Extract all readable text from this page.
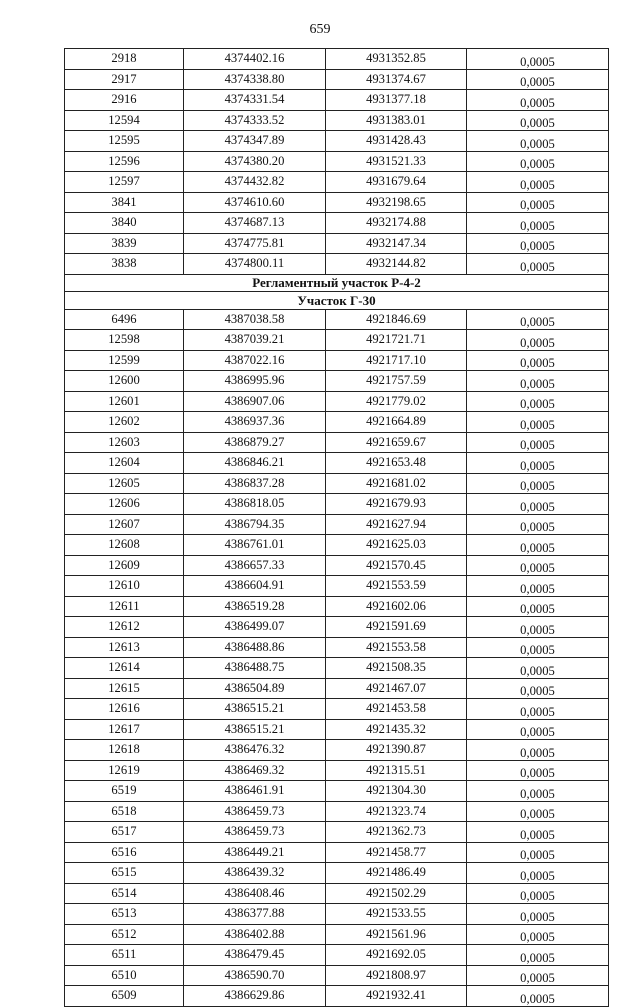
659
2918	4374402.16	4931352.85	0,0005
2917	4374338.80	4931374.67	0,0005
2916	4374331.54	4931377.18	0,0005
12594	4374333.52	4931383.01	0,0005
12595	4374347.89	4931428.43	0,0005
12596	4374380.20	4931521.33	0,0005
12597	4374432.82	4931679.64	0,0005
3841	4374610.60	4932198.65	0,0005
3840	4374687.13	4932174.88	0,0005
3839	4374775.81	4932147.34	0,0005
3838	4374800.11	4932144.82	0,0005
Регламентный участок Р-4-2			
Участок Г-30			
6496	4387038.58	4921846.69	0,0005
12598	4387039.21	4921721.71	0,0005
12599	4387022.16	4921717.10	0,0005
12600	4386995.96	4921757.59	0,0005
12601	4386907.06	4921779.02	0,0005
12602	4386937.36	4921664.89	0,0005
12603	4386879.27	4921659.67	0,0005
12604	4386846.21	4921653.48	0,0005
12605	4386837.28	4921681.02	0,0005
12606	4386818.05	4921679.93	0,0005
12607	4386794.35	4921627.94	0,0005
12608	4386761.01	4921625.03	0,0005
12609	4386657.33	4921570.45	0,0005
12610	4386604.91	4921553.59	0,0005
12611	4386519.28	4921602.06	0,0005
12612	4386499.07	4921591.69	0,0005
12613	4386488.86	4921553.58	0,0005
12614	4386488.75	4921508.35	0,0005
12615	4386504.89	4921467.07	0,0005
12616	4386515.21	4921453.58	0,0005
12617	4386515.21	4921435.32	0,0005
12618	4386476.32	4921390.87	0,0005
12619	4386469.32	4921315.51	0,0005
6519	4386461.91	4921304.30	0,0005
6518	4386459.73	4921323.74	0,0005
6517	4386459.73	4921362.73	0,0005
6516	4386449.21	4921458.77	0,0005
6515	4386439.32	4921486.49	0,0005
6514	4386408.46	4921502.29	0,0005
6513	4386377.88	4921533.55	0,0005
6512	4386402.88	4921561.96	0,0005
6511	4386479.45	4921692.05	0,0005
6510	4386590.70	4921808.97	0,0005
6509	4386629.86	4921932.41	0,0005
